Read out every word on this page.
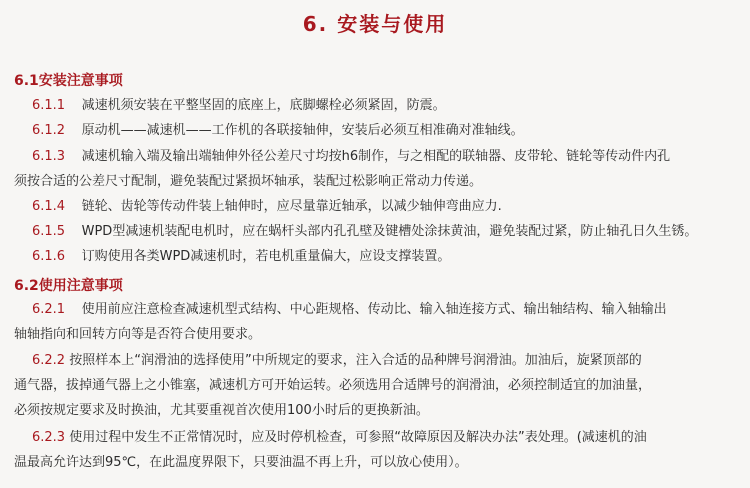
6. 安装与使用
6.1安装注意事项
6.1.1 减速机须安装在平整坚固的底座上，底脚螺栓必须紧固，防震。
6.1.2 原动机——减速机——工作机的各联接轴伸，安装后必须互相准确对准轴线。
6.1.3 减速机输入端及输出端轴伸外径公差尺寸均按h6制作，与之相配的联轴器、皮带轮、链轮等传动件内孔
须按合适的公差尺寸配制，避免装配过紧损坏轴承，装配过松影响正常动力传递。
6.1.4 链轮、齿轮等传动件装上轴伸时，应尽量靠近轴承，以减少轴伸弯曲应力.
6.1.5 WPD型减速机装配电机时，应在蜗杆头部内孔孔壁及键槽处涂抹黄油，避免装配过紧，防止轴孔日久生锈。
6.1.6 订购使用各类WPD减速机时，若电机重量偏大，应设支撑装置。
6.2使用注意事项
6.2.1 使用前应注意检查减速机型式结构、中心距规格、传动比、输入轴连接方式、输出轴结构、输入轴输出
轴轴指向和回转方向等是否符合使用要求。
6.2.2 按照样本上“润滑油的选择使用”中所规定的要求，注入合适的品种牌号润滑油。加油后，旋紧顶部的
通气器，拔掉通气器上之小锥塞，减速机方可开始运转。必须选用合适牌号的润滑油，必须控制适宜的加油量，
必须按规定要求及时换油，尤其要重视首次使用100小时后的更换新油。
6.2.3 使用过程中发生不正常情况时，应及时停机检查，可参照“故障原因及解决办法”表处理。(减速机的油
温最高允许达到95℃，在此温度界限下，只要油温不再上升，可以放心使用）。
